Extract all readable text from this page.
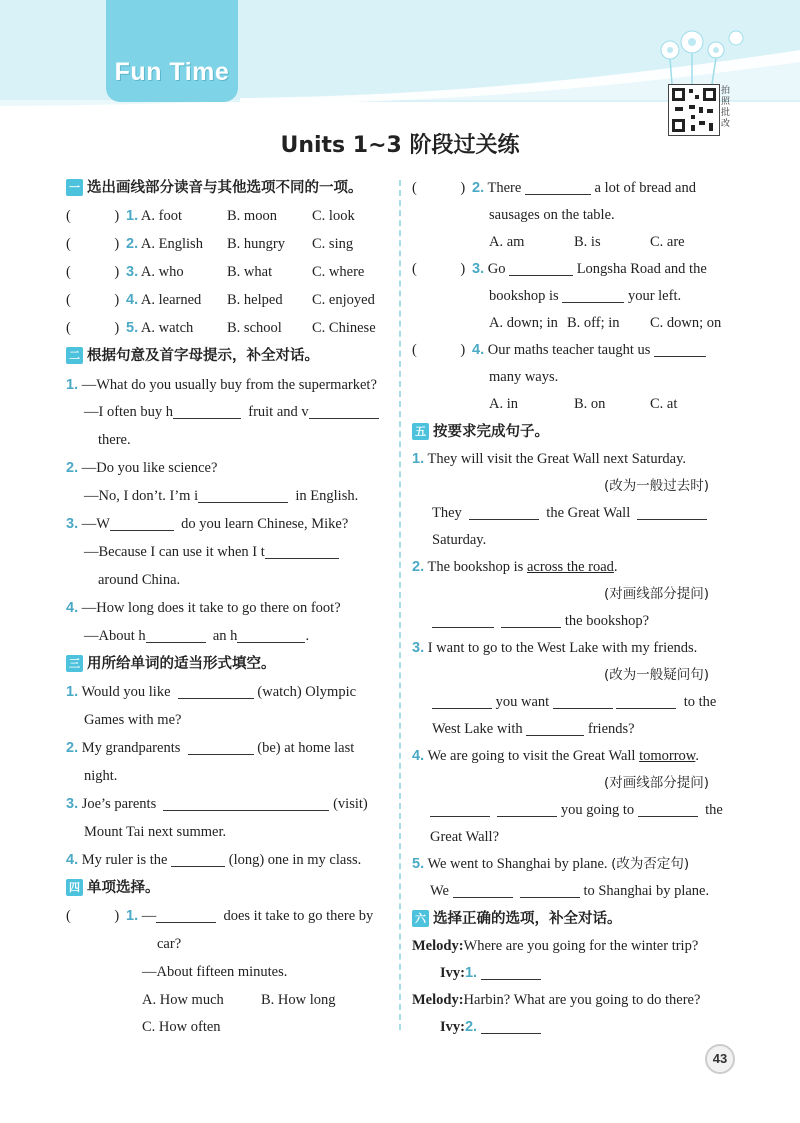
Fun Time
拍照批改
Units 1~3 阶段过关练
一 选出画线部分读音与其他选项不同的一项。
(　　　) 1. A. foot	B. moon C. look
(　　　) 2. A. English B. hungry C. sing
(　　　) 3. A. who	B. what	C. where
(　　　) 4. A. learned B. helped C. enjoyed
(　　　) 5. A. watch B. school C. Chinese
二 根据句意及首字母提示，补全对话。
1. —What do you usually buy from the supermarket?
—I often buy h	fruit and v
there.
2. —Do you like science?
—No, I don’t. I’m i	in English.
3. —W	do you learn Chinese, Mike?
—Because I can use it when I t
around China.
4. —How long does it take to go there on foot?
—About h	an h	.
三 用所给单词的适当形式填空。
1. Would you like	(watch) Olympic
Games with me?
2. My grandparents	(be) at home last
night.
3. Joe’s parents	(visit)
Mount Tai next summer.
4. My ruler is the	(long) one in my class.
四 单项选择。
(　　　) 1. —	does it take to go there by
car?
—About fifteen minutes.
A. How much	B. How long
C. How often
(　　　) 2. There	a lot of bread and
sausages on the table.
A. am	B. is	C. are
(　　　) 3. Go	Longsha Road and the
bookshop is	your left.
A. down; in B. off; in C. down; on
(　　　) 4. Our maths teacher taught us
many ways.
A. in	B. on	C. at
五 按要求完成句子。
1. They will visit the Great Wall next Saturday.
(改为一般过去时)
They	the Great Wall
Saturday.
2. The bookshop is across the road.
(对画线部分提问)
the bookshop?
3. I want to go to the West Lake with my friends.
(改为一般疑问句)
you want	to the
West Lake with	friends?
4. We are going to visit the Great Wall tomorrow.
(对画线部分提问)
you going to	the
Great Wall?
5. We went to Shanghai by plane. (改为否定句)
We	to Shanghai by plane.
六 选择正确的选项，补全对话。
Melody:Where are you going for the winter trip?
Ivy:1.
Melody:Harbin? What are you going to do there?
Ivy:2.
43
